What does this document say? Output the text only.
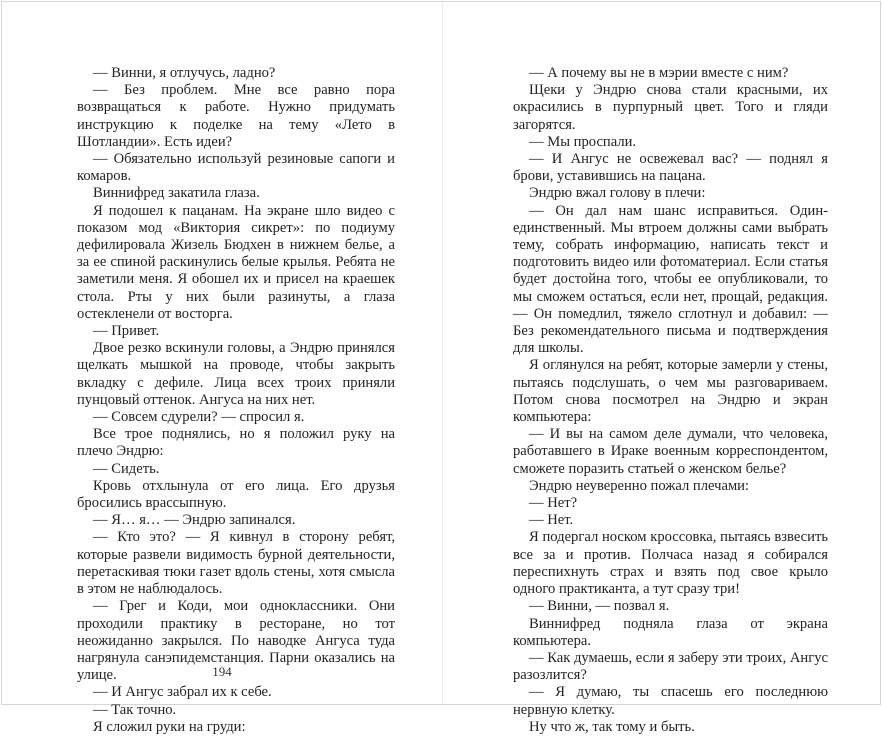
— Винни, я отлучусь, ладно?

— Без проблем. Мне все равно пора возвращаться к работе. Нужно придумать инструкцию к поделке на тему «Лето в Шотландии». Есть идеи?

— Обязательно используй резиновые сапоги и комаров.

Виннифред закатила глаза.

Я подошел к пацанам. На экране шло видео с показом мод «Виктория сикрет»: по подиуму дефилировала Жизель Бюдхен в нижнем белье, а за ее спиной раскинулись белые крылья. Ребята не заметили меня. Я обошел их и присел на краешек стола. Рты у них были разинуты, а глаза остекленели от восторга.

— Привет.

Двое резко вскинули головы, а Эндрю принялся щелкать мышкой на проводе, чтобы закрыть вкладку с дефиле. Лица всех троих приняли пунцовый оттенок. Ангуса на них нет.

— Совсем сдурели? — спросил я.

Все трое поднялись, но я положил руку на плечо Эндрю:

— Сидеть.

Кровь отхлынула от его лица. Его друзья бросились врассыпную.

— Я… я… — Эндрю запинался.

— Кто это? — Я кивнул в сторону ребят, которые развели видимость бурной деятельности, перетаскивая тюки газет вдоль стены, хотя смысла в этом не наблюдалось.

— Грег и Коди, мои одноклассники. Они проходили практику в ресторане, но тот неожиданно закрылся. По наводке Ангуса туда нагрянула санэпидемстанция. Парни оказались на улице.

— И Ангус забрал их к себе.

— Так точно.

Я сложил руки на груди:

194

— А почему вы не в мэрии вместе с ним?

Щеки у Эндрю снова стали красными, их окрасились в пурпурный цвет. Того и гляди загорятся.

— Мы проспали.

— И Ангус не освежевал вас? — поднял я брови, уставившись на пацана.

Эндрю вжал голову в плечи:

— Он дал нам шанс исправиться. Один-единственный. Мы втроем должны сами выбрать тему, собрать информацию, написать текст и подготовить видео или фотоматериал. Если статья будет достойна того, чтобы ее опубликовали, то мы сможем остаться, если нет, прощай, редакция. — Он помедлил, тяжело сглотнул и добавил: — Без рекомендательного письма и подтверждения для школы.

Я оглянулся на ребят, которые замерли у стены, пытаясь подслушать, о чем мы разговариваем. Потом снова посмотрел на Эндрю и экран компьютера:

— И вы на самом деле думали, что человека, работавшего в Ираке военным корреспондентом, сможете поразить статьей о женском белье?

Эндрю неуверенно пожал плечами:

— Нет?

— Нет.

Я подергал носком кроссовка, пытаясь взвесить все за и против. Полчаса назад я собирался переспихнуть страх и взять под свое крыло одного практиканта, а тут сразу три!

— Винни, — позвал я.

Виннифред подняла глаза от экрана компьютера.

— Как думаешь, если я заберу эти троих, Ангус разозлится?

— Я думаю, ты спасешь его последнюю нервную клетку.

Ну что ж, так тому и быть.
